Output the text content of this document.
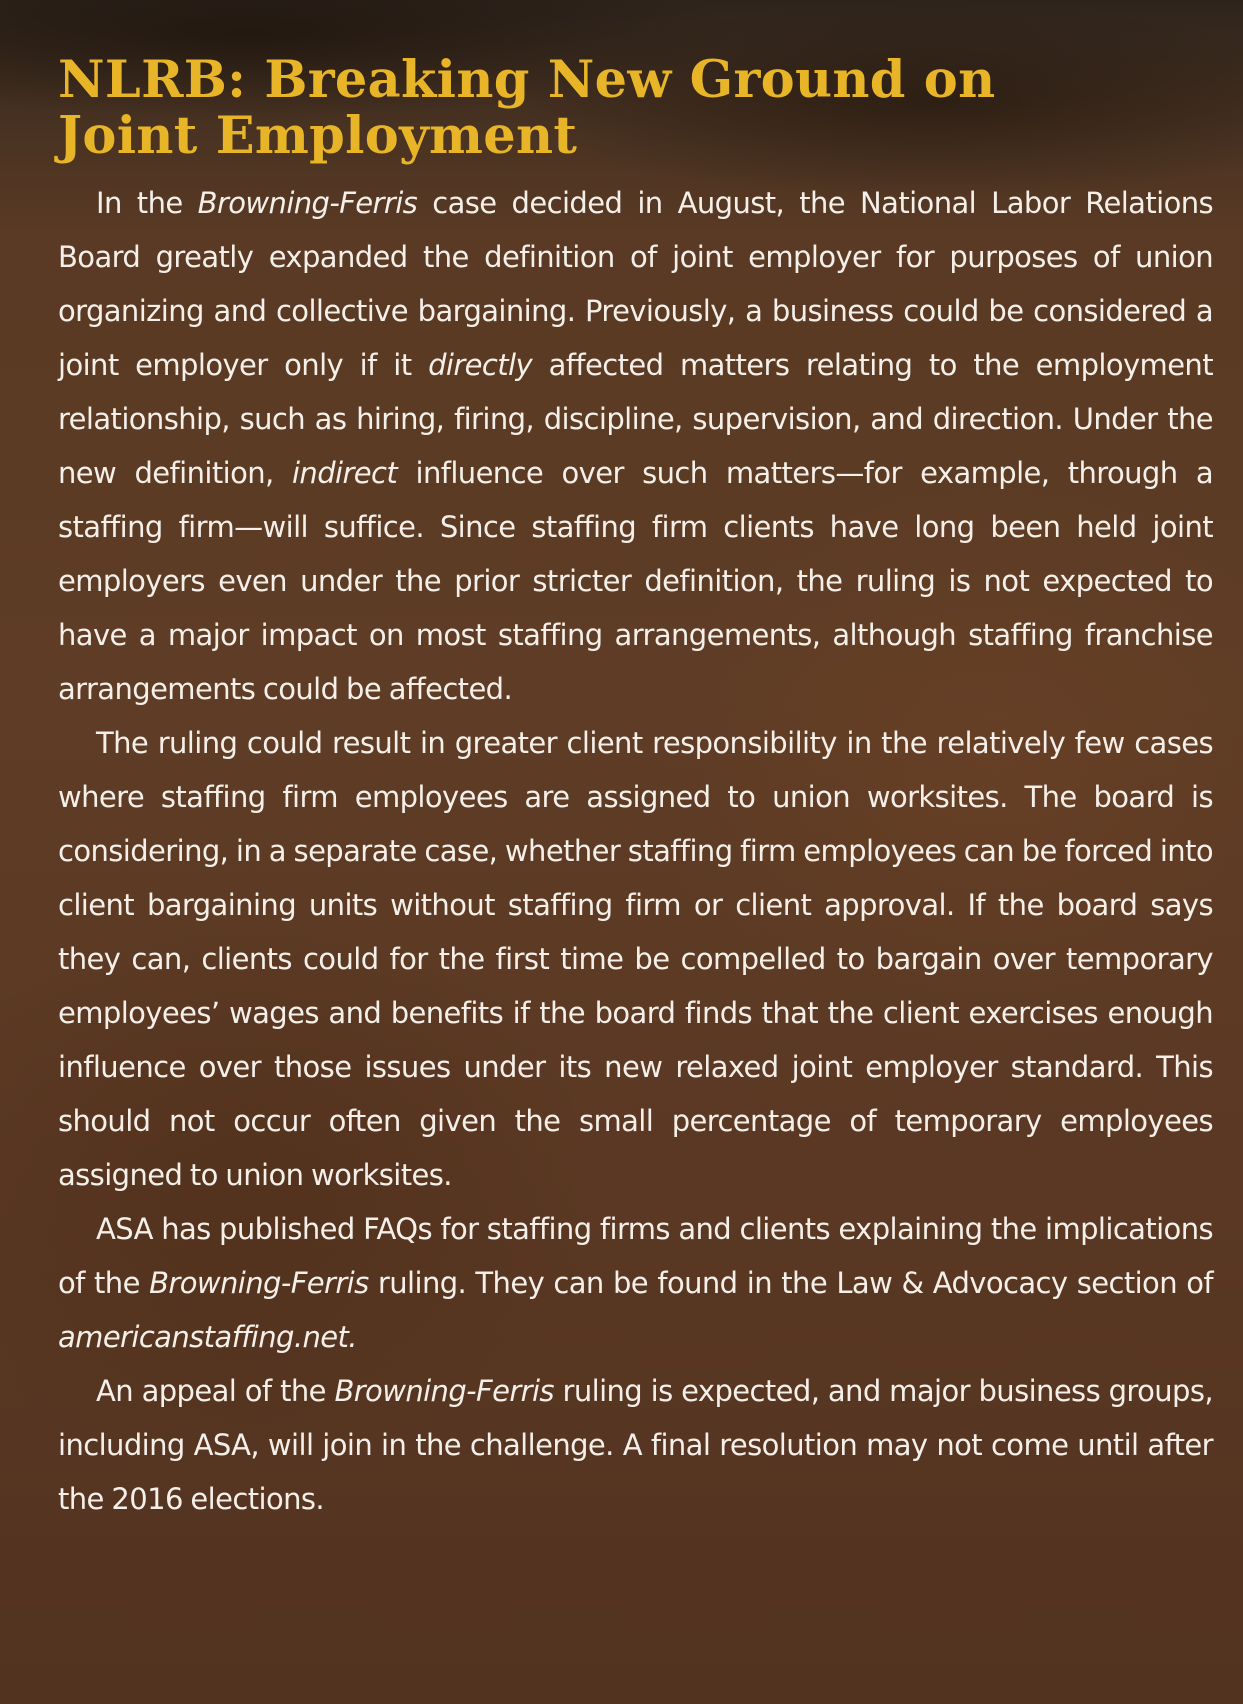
NLRB: Breaking New Ground on
Joint Employment

In the Browning-Ferris case decided in August, the National Labor Relations Board greatly expanded the definition of joint employer for purposes of union organizing and collective bargaining. Previously, a business could be considered a joint employer only if it directly affected matters relating to the employment relationship, such as hiring, firing, discipline, supervision, and direction. Under the new definition, indirect influence over such matters—for example, through a staffing firm—will suffice. Since staffing firm clients have long been held joint employers even under the prior stricter definition, the ruling is not expected to have a major impact on most staffing arrangements, although staffing franchise arrangements could be affected.

The ruling could result in greater client responsibility in the relatively few cases where staffing firm employees are assigned to union worksites. The board is considering, in a separate case, whether staffing firm employees can be forced into client bargaining units without staffing firm or client approval. If the board says they can, clients could for the first time be compelled to bargain over temporary employees’ wages and benefits if the board finds that the client exercises enough influence over those issues under its new relaxed joint employer standard. This should not occur often given the small percentage of temporary employees assigned to union worksites.

ASA has published FAQs for staffing firms and clients explaining the implications of the Browning-Ferris ruling. They can be found in the Law & Advocacy section of americanstaffing.net.

An appeal of the Browning-Ferris ruling is expected, and major business groups, including ASA, will join in the challenge. A final resolution may not come until after the 2016 elections.
